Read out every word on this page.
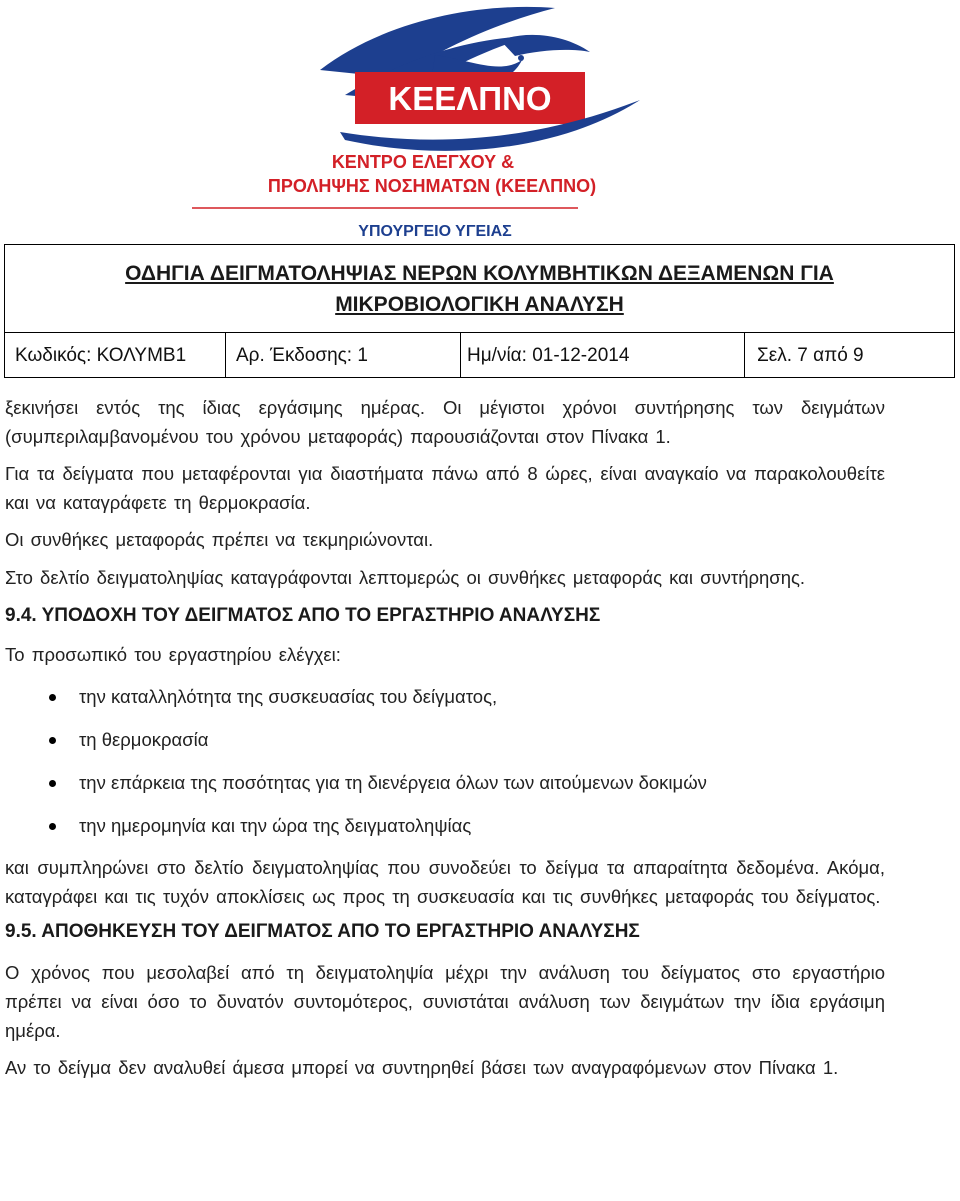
ΚΕΕΛΠΝΟ
ΚΕΝΤΡΟ ΕΛΕΓΧΟΥ &
ΠΡΟΛΗΨΗΣ ΝΟΣΗΜΑΤΩΝ (ΚΕΕΛΠΝΟ)
ΥΠΟΥΡΓΕΙΟ ΥΓΕΙΑΣ
ΟΔΗΓΙΑ ΔΕΙΓΜΑΤΟΛΗΨΙΑΣ ΝΕΡΩΝ ΚΟΛΥΜΒΗΤΙΚΩΝ ΔΕΞΑΜΕΝΩΝ ΓΙΑ
ΜΙΚΡΟΒΙΟΛΟΓΙΚΗ ΑΝΑΛΥΣΗ
Κωδικός: ΚΟΛΥΜΒ1	Αρ. Έκδοσης: 1	Ημ/νία: 01-12-2014	Σελ. 7 από 9

ξεκινήσει εντός της ίδιας εργάσιμης ημέρας. Οι μέγιστοι χρόνοι συντήρησης των δειγμάτων (συμπεριλαμβανομένου του χρόνου μεταφοράς) παρουσιάζονται στον Πίνακα 1.

Για τα δείγματα που μεταφέρονται για διαστήματα πάνω από 8 ώρες, είναι αναγκαίο να παρακολουθείτε και να καταγράφετε τη θερμοκρασία.

Οι συνθήκες μεταφοράς πρέπει να τεκμηριώνονται.

Στο δελτίο δειγματοληψίας καταγράφονται λεπτομερώς οι συνθήκες μεταφοράς και συντήρησης.

9.4. ΥΠΟΔΟΧΗ ΤΟΥ ΔΕΙΓΜΑΤΟΣ ΑΠΟ ΤΟ ΕΡΓΑΣΤΗΡΙΟ ΑΝΑΛΥΣΗΣ

Το προσωπικό του εργαστηρίου ελέγχει:

την καταλληλότητα της συσκευασίας του δείγματος,
τη θερμοκρασία
την επάρκεια της ποσότητας για τη διενέργεια όλων των αιτούμενων δοκιμών
την ημερομηνία και την ώρα της δειγματοληψίας

και συμπληρώνει στο δελτίο δειγματοληψίας που συνοδεύει το δείγμα τα απαραίτητα δεδομένα. Ακόμα, καταγράφει και τις τυχόν αποκλίσεις ως προς τη συσκευασία και τις συνθήκες μεταφοράς του δείγματος.

9.5. ΑΠΟΘΗΚΕΥΣΗ ΤΟΥ ΔΕΙΓΜΑΤΟΣ ΑΠΟ ΤΟ ΕΡΓΑΣΤΗΡΙΟ ΑΝΑΛΥΣΗΣ

Ο χρόνος που μεσολαβεί από τη δειγματοληψία μέχρι την ανάλυση του δείγματος στο εργαστήριο πρέπει να είναι όσο το δυνατόν συντομότερος, συνιστάται ανάλυση των δειγμάτων την ίδια εργάσιμη ημέρα.

Αν το δείγμα δεν αναλυθεί άμεσα μπορεί να συντηρηθεί βάσει των αναγραφόμενων στον Πίνακα 1.
